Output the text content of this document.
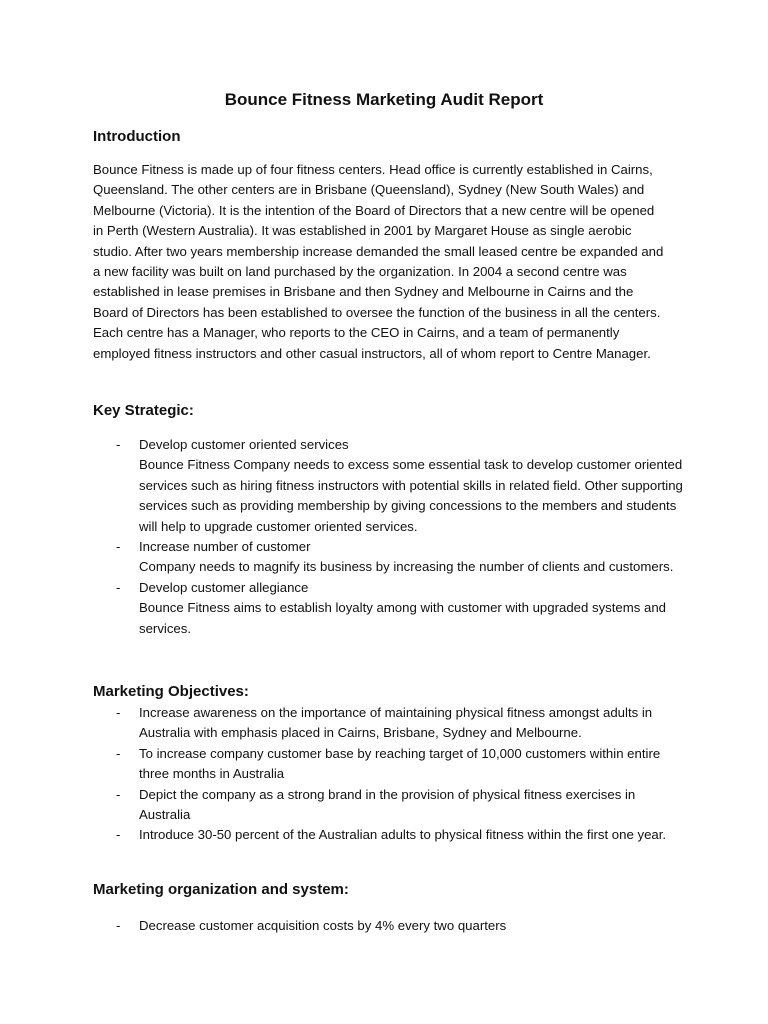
Bounce Fitness Marketing Audit Report
Introduction

Bounce Fitness is made up of four fitness centers. Head office is currently established in Cairns, Queensland. The other centers are in Brisbane (Queensland), Sydney (New South Wales) and Melbourne (Victoria). It is the intention of the Board of Directors that a new centre will be opened in Perth (Western Australia). It was established in 2001 by Margaret House as single aerobic studio. After two years membership increase demanded the small leased centre be expanded and a new facility was built on land purchased by the organization. In 2004 a second centre was established in lease premises in Brisbane and then Sydney and Melbourne in Cairns and the Board of Directors has been established to oversee the function of the business in all the centers. Each centre has a Manager, who reports to the CEO in Cairns, and a team of permanently employed fitness instructors and other casual instructors, all of whom report to Centre Manager.

Key Strategic:
- Develop customer oriented services
Bounce Fitness Company needs to excess some essential task to develop customer oriented services such as hiring fitness instructors with potential skills in related field. Other supporting services such as providing membership by giving concessions to the members and students will help to upgrade customer oriented services.
- Increase number of customer
Company needs to magnify its business by increasing the number of clients and customers.
- Develop customer allegiance
Bounce Fitness aims to establish loyalty among with customer with upgraded systems and services.
Marketing Objectives:
- Increase awareness on the importance of maintaining physical fitness amongst adults in Australia with emphasis placed in Cairns, Brisbane, Sydney and Melbourne.
- To increase company customer base by reaching target of 10,000 customers within entire three months in Australia
- Depict the company as a strong brand in the provision of physical fitness exercises in Australia
- Introduce 30-50 percent of the Australian adults to physical fitness within the first one year.
Marketing organization and system:
- Decrease customer acquisition costs by 4% every two quarters
